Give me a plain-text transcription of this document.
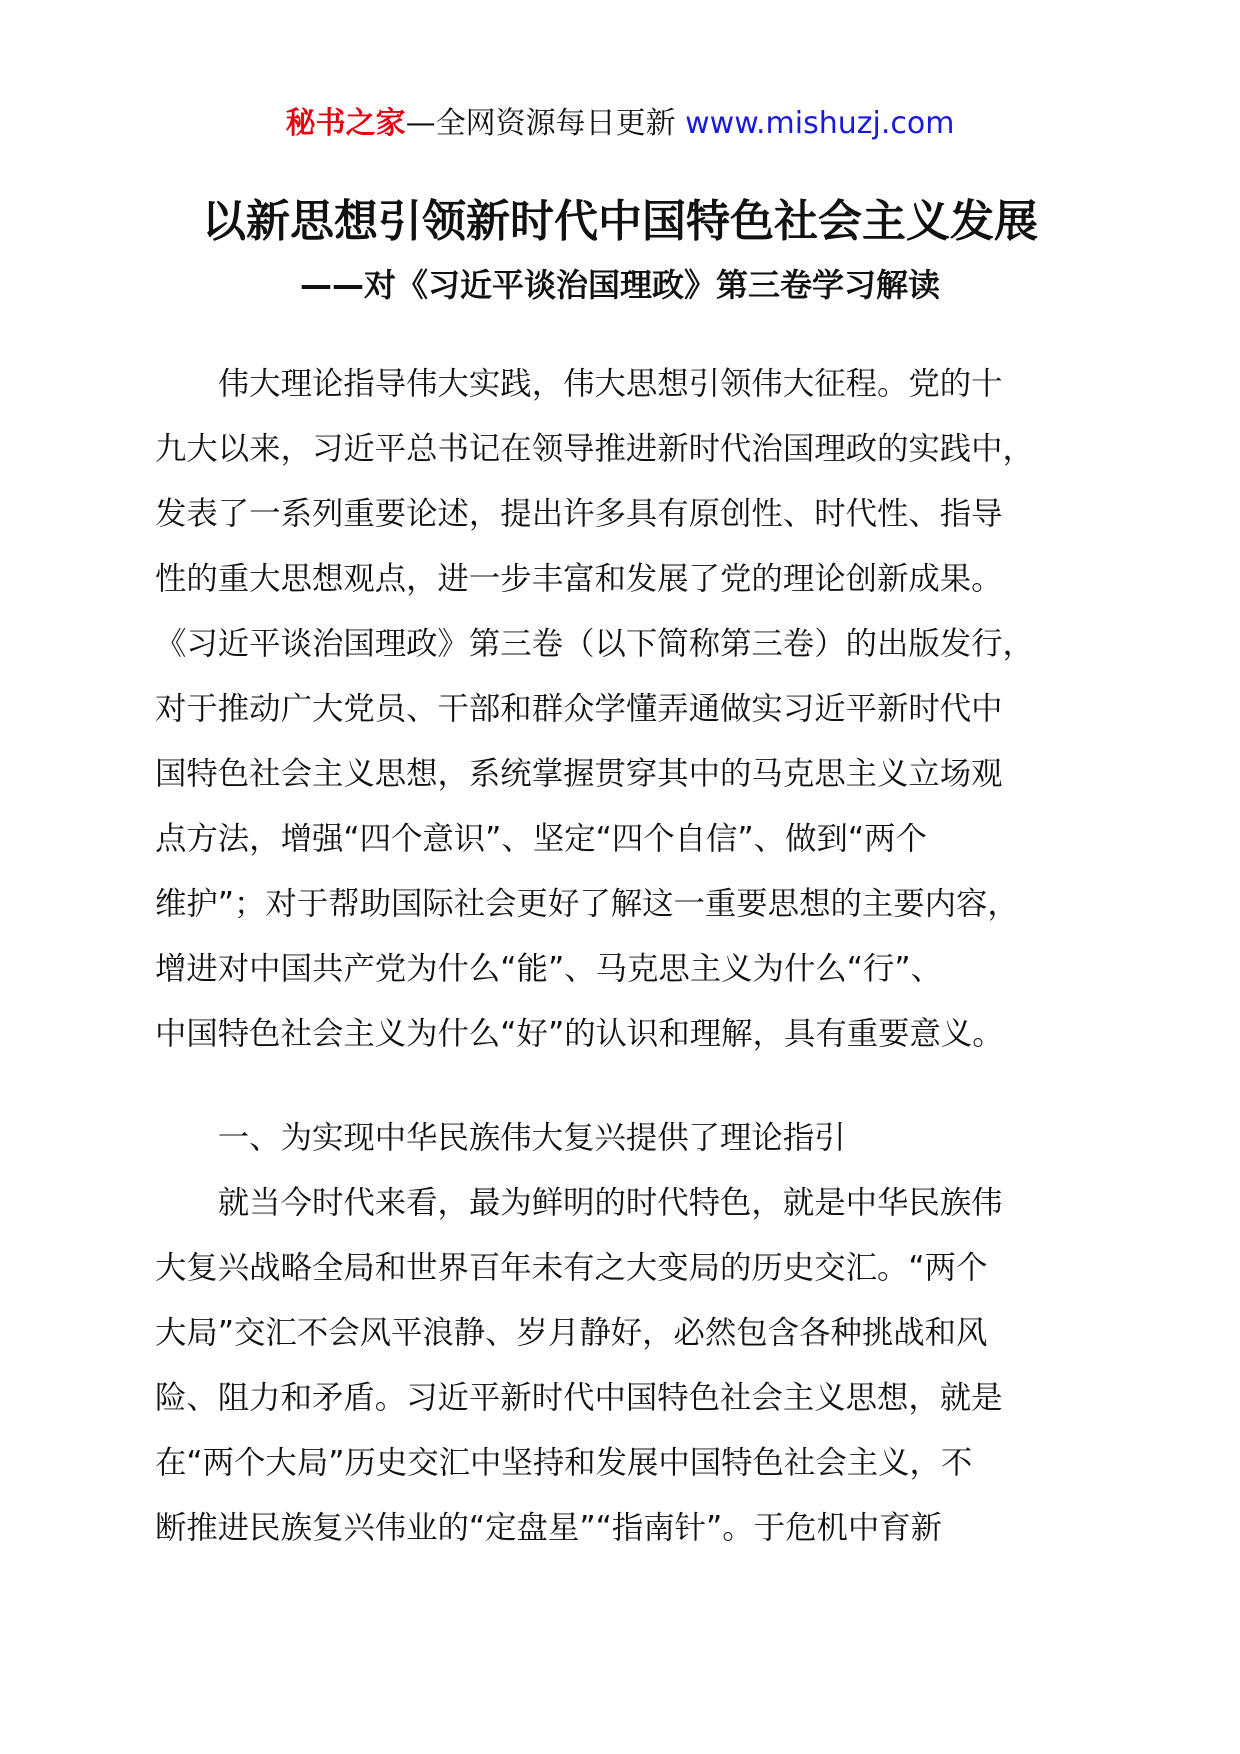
秘书之家—全网资源每日更新 www.mishuzj.com
以新思想引领新时代中国特色社会主义发展
——对《习近平谈治国理政》第三卷学习解读

　　伟大理论指导伟大实践，伟大思想引领伟大征程。党的十
九大以来，习近平总书记在领导推进新时代治国理政的实践中，
发表了一系列重要论述，提出许多具有原创性、时代性、指导
性的重大思想观点，进一步丰富和发展了党的理论创新成果。
《习近平谈治国理政》第三卷（以下简称第三卷）的出版发行，
对于推动广大党员、干部和群众学懂弄通做实习近平新时代中
国特色社会主义思想，系统掌握贯穿其中的马克思主义立场观
点方法，增强“四个意识”、坚定“四个自信”、做到“两个
维护”；对于帮助国际社会更好了解这一重要思想的主要内容，
增进对中国共产党为什么“能”、马克思主义为什么“行”、
中国特色社会主义为什么“好”的认识和理解，具有重要意义。

　　一、为实现中华民族伟大复兴提供了理论指引

　　就当今时代来看，最为鲜明的时代特色，就是中华民族伟
大复兴战略全局和世界百年未有之大变局的历史交汇。“两个
大局”交汇不会风平浪静、岁月静好，必然包含各种挑战和风
险、阻力和矛盾。习近平新时代中国特色社会主义思想，就是
在“两个大局”历史交汇中坚持和发展中国特色社会主义，不
断推进民族复兴伟业的“定盘星”“指南针”。于危机中育新
